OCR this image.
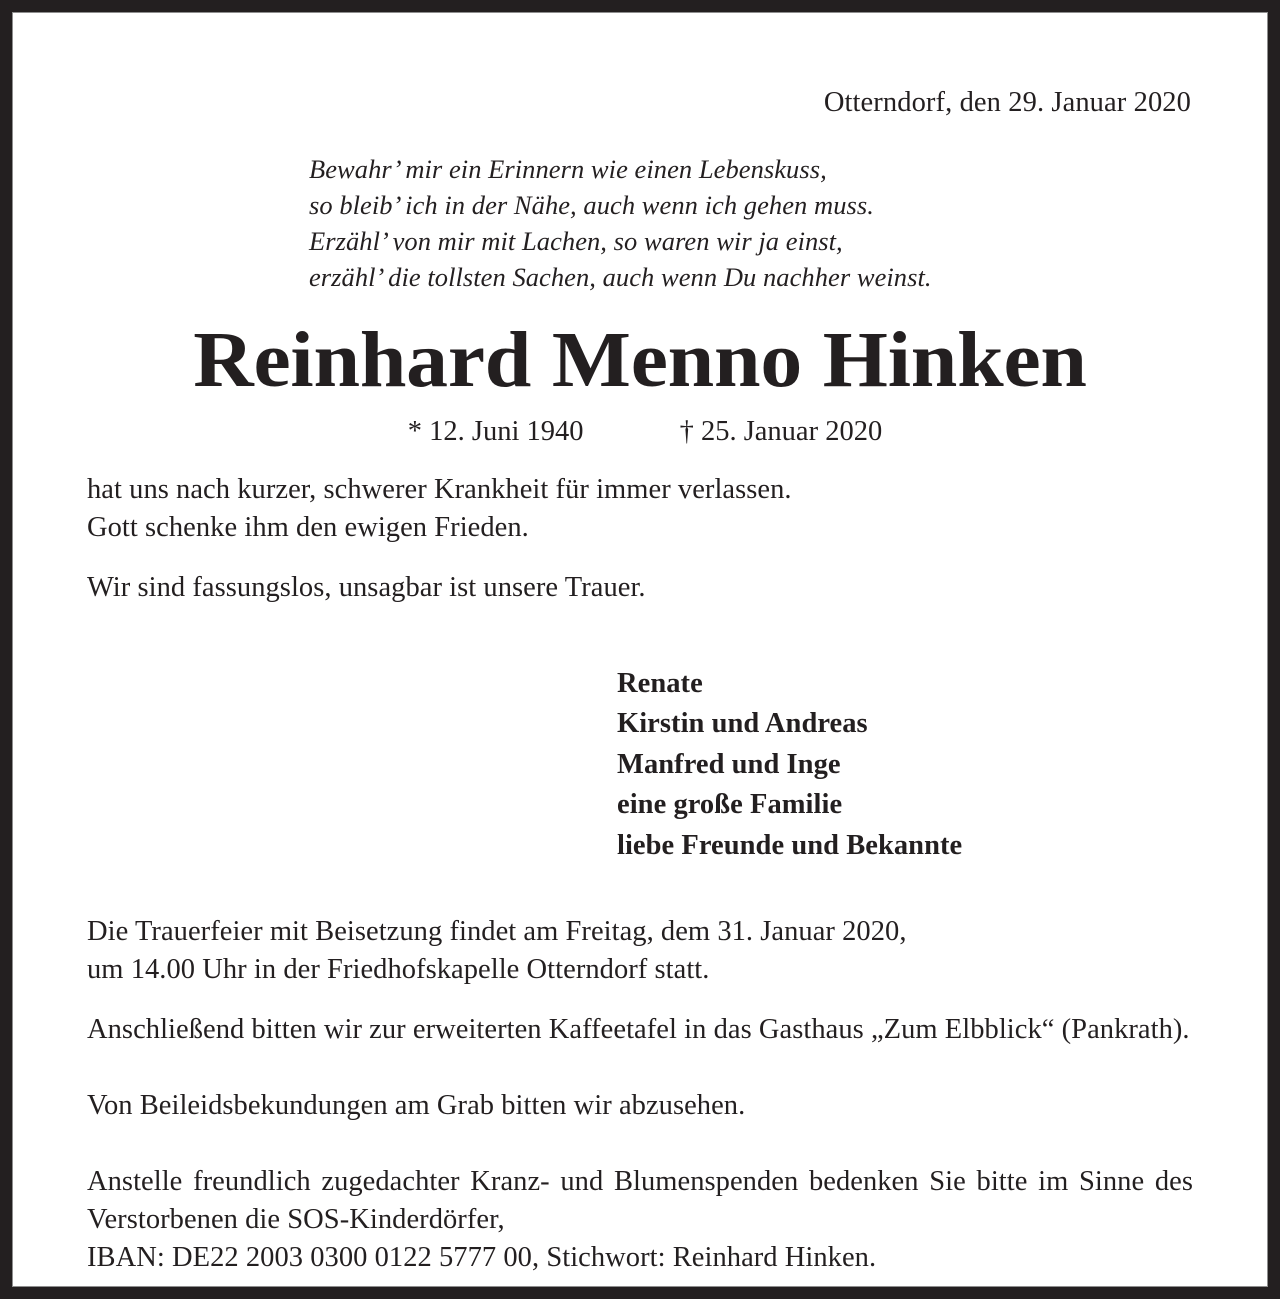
Otterndorf, den 29. Januar 2020
Bewahr’ mir ein Erinnern wie einen Lebenskuss,
so bleib’ ich in der Nähe, auch wenn ich gehen muss.
Erzähl’ von mir mit Lachen, so waren wir ja einst,
erzähl’ die tollsten Sachen, auch wenn Du nachher weinst.
Reinhard Menno Hinken
* 12. Juni 1940	† 25. Januar 2020

hat uns nach kurzer, schwerer Krankheit für immer verlassen.
Gott schenke ihm den ewigen Frieden.

Wir sind fassungslos, unsagbar ist unsere Trauer.

Renate
Kirstin und Andreas
Manfred und Inge
eine große Familie
liebe Freunde und Bekannte

Die Trauerfeier mit Beisetzung findet am Freitag, dem 31. Januar 2020,
um 14.00 Uhr in der Friedhofskapelle Otterndorf statt.

Anschließend bitten wir zur erweiterten Kaffeetafel in das Gasthaus „Zum Elbblick“ (Pankrath).

Von Beileidsbekundungen am Grab bitten wir abzusehen.

Anstelle freundlich zugedachter Kranz- und Blumenspenden bedenken Sie bitte im Sinne des Verstorbenen die SOS-Kinderdörfer,

IBAN: DE22 2003 0300 0122 5777 00, Stichwort: Reinhard Hinken.
